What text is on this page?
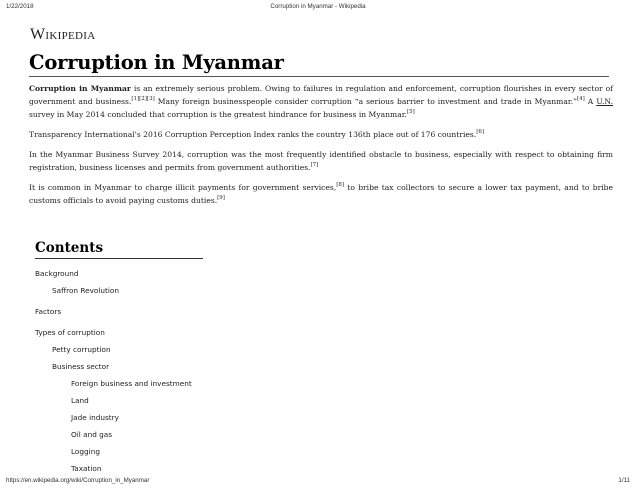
1/22/2018	Corruption in Myanmar - Wikipedia
Wikipedia
Corruption in Myanmar

Corruption in Myanmar is an extremely serious problem. Owing to failures in regulation and enforcement, corruption flourishes in every sector of government and business.[1][2][3] Many foreign businesspeople consider corruption “a serious barrier to investment and trade in Myanmar.”[4] A U.N. survey in May 2014 concluded that corruption is the greatest hindrance for business in Myanmar.[5]

Transparency International's 2016 Corruption Perception Index ranks the country 136th place out of 176 countries.[6]

In the Myanmar Business Survey 2014, corruption was the most frequently identified obstacle to business, especially with respect to obtaining firm registration, business licenses and permits from government authorities.[7]

It is common in Myanmar to charge illicit payments for government services,[8] to bribe tax collectors to secure a lower tax payment, and to bribe customs officials to avoid paying customs duties.[9]

Contents
Background
Saffron Revolution
Factors
Types of corruption
Petty corruption
Business sector
Foreign business and investment
Land
Jade industry
Oil and gas
Logging
Taxation
https://en.wikipedia.org/wiki/Corruption_in_Myanmar	1/11
